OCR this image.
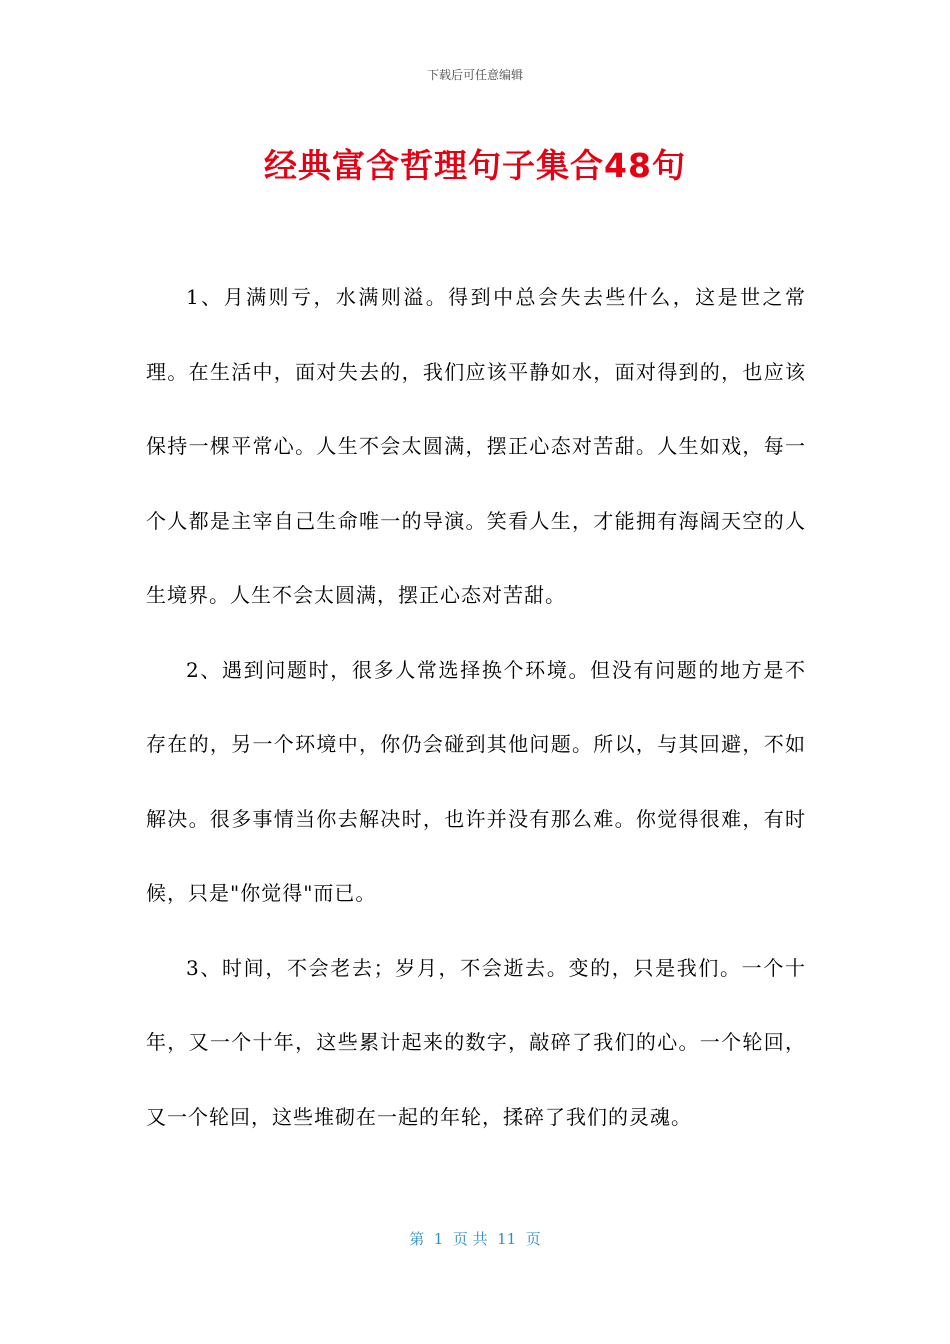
下载后可任意编辑
经典富含哲理句子集合48句

1、月满则亏，水满则溢。得到中总会失去些什么，这是世之常理。在生活中，面对失去的，我们应该平静如水，面对得到的，也应该保持一棵平常心。人生不会太圆满，摆正心态对苦甜。人生如戏，每一个人都是主宰自己生命唯一的导演。笑看人生，才能拥有海阔天空的人生境界。人生不会太圆满，摆正心态对苦甜。

2、遇到问题时，很多人常选择换个环境。但没有问题的地方是不存在的，另一个环境中，你仍会碰到其他问题。所以，与其回避，不如解决。很多事情当你去解决时，也许并没有那么难。你觉得很难，有时候，只是"你觉得"而已。

3、时间，不会老去；岁月，不会逝去。变的，只是我们。一个十年，又一个十年，这些累计起来的数字，敲碎了我们的心。一个轮回，又一个轮回，这些堆砌在一起的年轮，揉碎了我们的灵魂。

第  1  页 共  11  页
